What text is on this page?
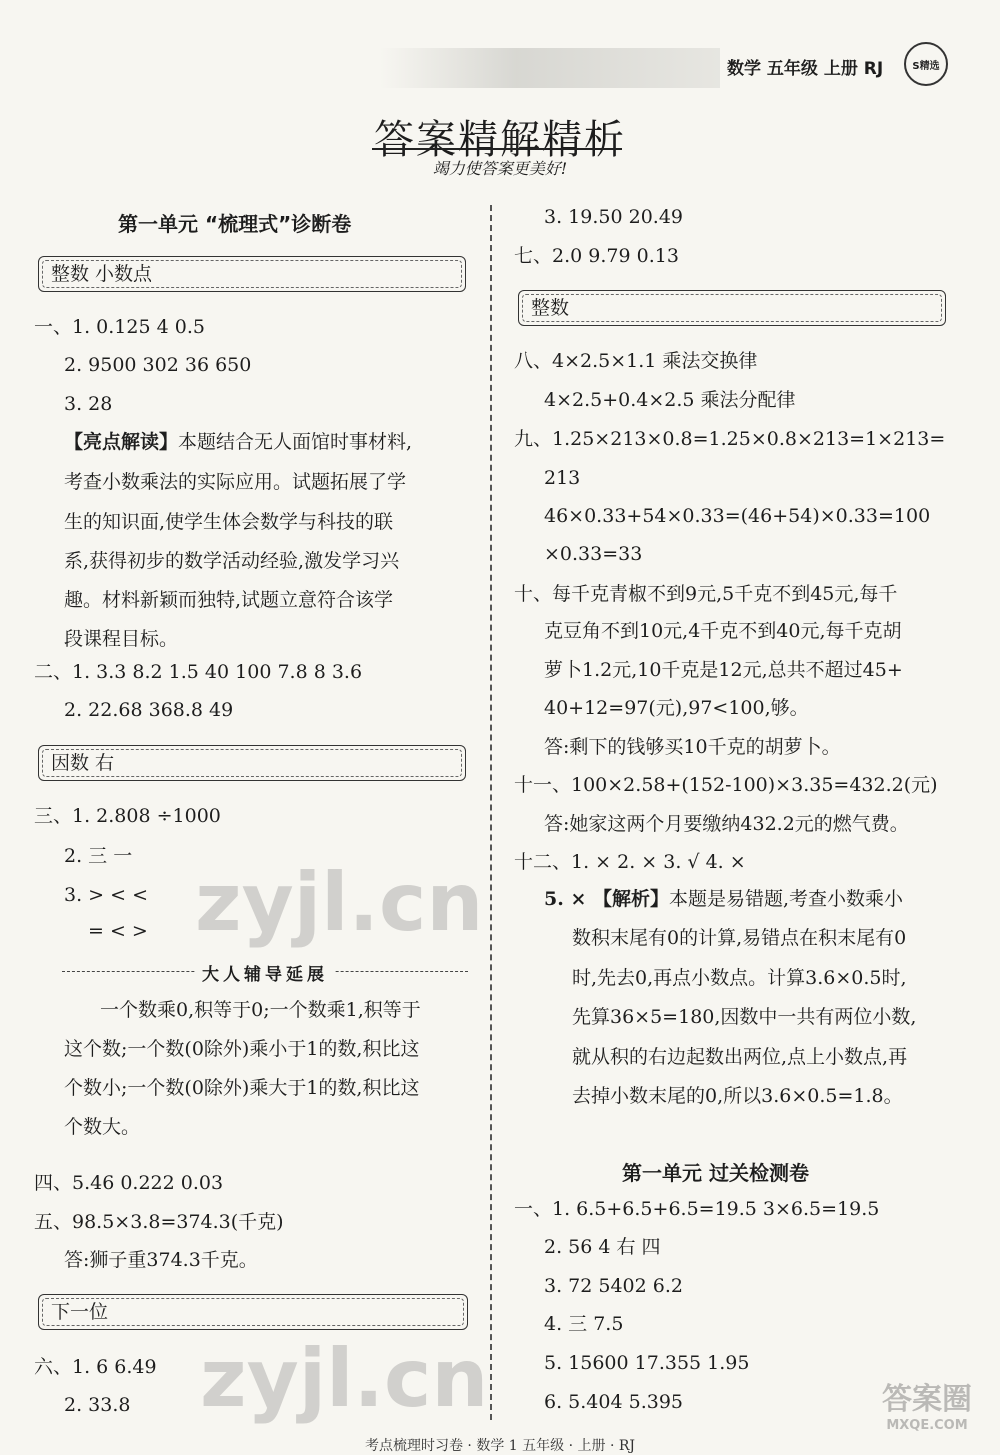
数学 五年级 上册 RJ	S精选
答案精解精析
竭力使答案更美好!
第一单元 “梳理式”诊断卷
整数 小数点
一、1. 0.125 4 0.5
2. 9500 302 36 650
3. 28
【亮点解读】本题结合无人面馆时事材料,
考查小数乘法的实际应用。试题拓展了学
生的知识面,使学生体会数学与科技的联
系,获得初步的数学活动经验,激发学习兴
趣。材料新颖而独特,试题立意符合该学
段课程目标。
二、1. 3.3 8.2 1.5 40 100 7.8 8 3.6
2. 22.68 368.8 49
因数 右
三、1. 2.808 ÷1000
2. 三 一
3. > < <
= < >
大人辅导延展
一个数乘0,积等于0;一个数乘1,积等于
这个数;一个数(0除外)乘小于1的数,积比这
个数小;一个数(0除外)乘大于1的数,积比这
个数大。
四、5.46 0.222 0.03
五、98.5×3.8=374.3(千克)
答:狮子重374.3千克。
下一位
六、1. 6 6.49
2. 33.8
3. 19.50 20.49
七、2.0 9.79 0.13
整数
八、4×2.5×1.1 乘法交换律
4×2.5+0.4×2.5 乘法分配律
九、1.25×213×0.8=1.25×0.8×213=1×213=
213
46×0.33+54×0.33=(46+54)×0.33=100
×0.33=33
十、每千克青椒不到9元,5千克不到45元,每千
克豆角不到10元,4千克不到40元,每千克胡
萝卜1.2元,10千克是12元,总共不超过45+
40+12=97(元),97<100,够。
答:剩下的钱够买10千克的胡萝卜。
十一、100×2.58+(152-100)×3.35=432.2(元)
答:她家这两个月要缴纳432.2元的燃气费。
十二、1. × 2. × 3. √ 4. ×
5. × 【解析】本题是易错题,考查小数乘小
数积末尾有0的计算,易错点在积末尾有0
时,先去0,再点小数点。计算3.6×0.5时,
先算36×5=180,因数中一共有两位小数,
就从积的右边起数出两位,点上小数点,再
去掉小数末尾的0,所以3.6×0.5=1.8。
第一单元 过关检测卷
一、1. 6.5+6.5+6.5=19.5 3×6.5=19.5
2. 56 4 右 四
3. 72 5402 6.2
4. 三 7.5
5. 15600 17.355 1.95
6. 5.404 5.395
zyjl.cn
zyjl.cn	答案圈
MXQE.COM
考点梳理时习卷 · 数学 1 五年级 · 上册 · RJ
